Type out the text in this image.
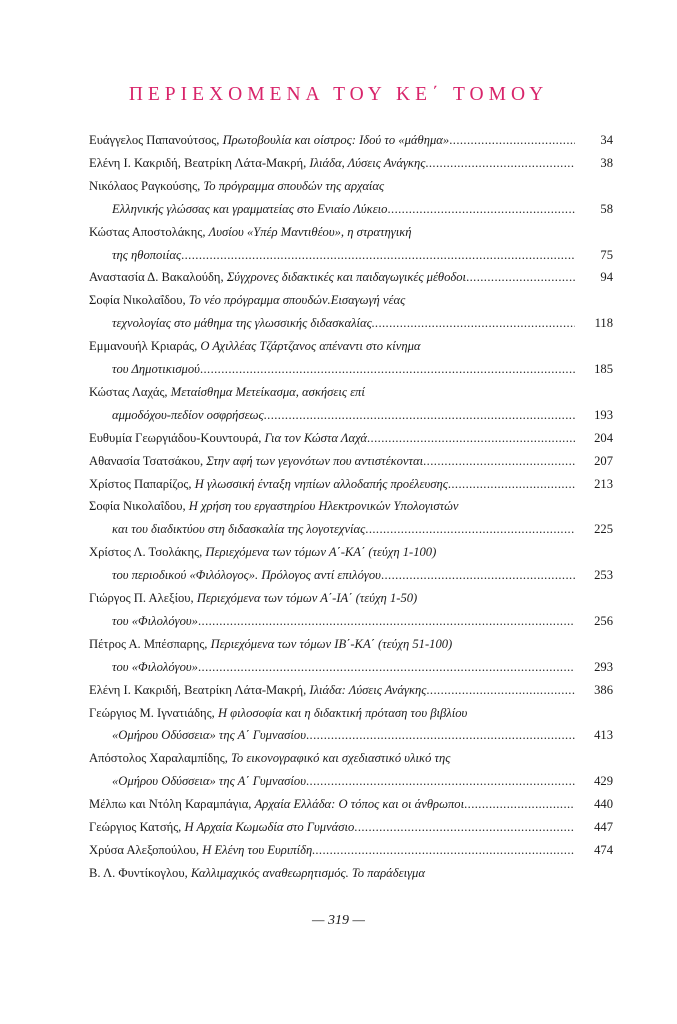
ΠΕΡΙΕΧΟΜΕΝΑ ΤΟΥ ΚΕ΄ ΤΟΜΟΥ
Ευάγγελος Παπανούτσος, Πρωτοβουλία και οίστρος: Ιδού το «μάθημα» .....	34
Ελένη Ι. Κακριδή, Βεατρίκη Λάτα-Μακρή, Ιλιάδα, Λύσεις Ανάγκης .....	38
Νικόλαος Ραγκούσης, Το πρόγραμμα σπουδών της αρχαίας
Ελληνικής γλώσσας και γραμματείας στο Ενιαίο Λύκειο .....	58
Κώστας Αποστολάκης, Λυσίου «Υπέρ Μαντιθέου», η στρατηγική
της ηθοποιίας .....	75
Αναστασία Δ. Βακαλούδη, Σύγχρονες διδακτικές και παιδαγωγικές μέθοδοι .....	94
Σοφία Νικολαΐδου, Το νέο πρόγραμμα σπουδών.Εισαγωγή νέας
τεχνολογίας στο μάθημα της γλωσσικής διδασκαλίας. .....	118
Εμμανουήλ Κριαράς, Ο Αχιλλέας Τζάρτζανος απέναντι στο κίνημα
του Δημοτικισμού .....	185
Κώστας Λαχάς, Μεταίσθημα Μετείκασμα, ασκήσεις επί
αμμοδόχου-πεδίον οσφρήσεως .....	193
Ευθυμία Γεωργιάδου-Κουντουρά, Για τον Κώστα Λαχά .....	204
Αθανασία Τσατσάκου, Στην αφή των γεγονότων που αντιστέκονται .....	207
Χρίστος Παπαρίζος, Η γλωσσική ένταξη νηπίων αλλοδαπής προέλευσης .....	213
Σοφία Νικολαΐδου, Η χρήση του εργαστηρίου Ηλεκτρονικών Υπολογιστών
και του διαδικτύου στη διδασκαλία της λογοτεχνίας .....	225
Χρίστος Λ. Τσολάκης, Περιεχόμενα των τόμων Α΄-ΚΑ΄ (τεύχη 1-100)
του περιοδικού «Φιλόλογος». Πρόλογος αντί επιλόγου .....	253
Γιώργος Π. Αλεξίου, Περιεχόμενα των τόμων Α΄-ΙΑ΄ (τεύχη 1-50)
του «Φιλολόγου» .....	256
Πέτρος Α. Μπέσπαρης, Περιεχόμενα των τόμων ΙΒ΄-ΚΑ΄ (τεύχη 51-100)
του «Φιλολόγου» .....	293
Ελένη Ι. Κακριδή, Βεατρίκη Λάτα-Μακρή, Ιλιάδα: Λύσεις Ανάγκης .....	386
Γεώργιος Μ. Ιγνατιάδης, Η φιλοσοφία και η διδακτική πρόταση του βιβλίου
«Ομήρου Οδύσσεια» της Α΄ Γυμνασίου .....	413
Απόστολος Χαραλαμπίδης, Το εικονογραφικό και σχεδιαστικό υλικό της
«Ομήρου Οδύσσεια» της Α΄ Γυμνασίου .....	429
Μέλπω και Ντόλη Καραμπάγια, Αρχαία Ελλάδα: Ο τόπος και οι άνθρωποι .....	440
Γεώργιος Κατσής, Η Αρχαία Κωμωδία στο Γυμνάσιο .....	447
Χρύσα Αλεξοπούλου, Η Ελένη του Ευριπίδη. .....	474
Β. Λ. Φυντίκογλου, Καλλιμαχικός αναθεωρητισμός. Το παράδειγμα
— 319 —
